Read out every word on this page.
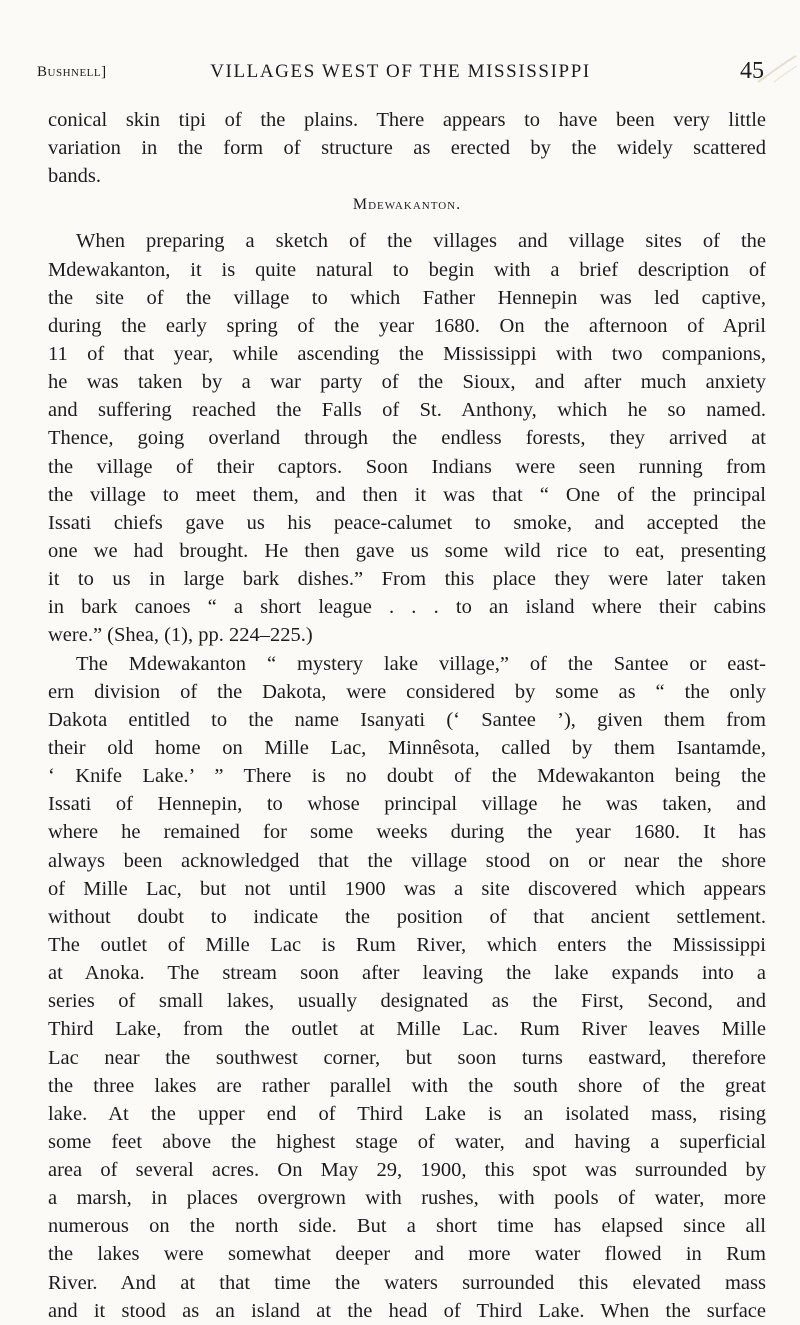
Bushnell]	VILLAGES WEST OF THE MISSISSIPPI	45
conical skin tipi of the plains. There appears to have been very little
variation in the form of structure as erected by the widely scattered
bands.
Mdewakanton.
When preparing a sketch of the villages and village sites of the
Mdewakanton, it is quite natural to begin with a brief description of
the site of the village to which Father Hennepin was led captive,
during the early spring of the year 1680. On the afternoon of April
11 of that year, while ascending the Mississippi with two companions,
he was taken by a war party of the Sioux, and after much anxiety
and suffering reached the Falls of St. Anthony, which he so named.
Thence, going overland through the endless forests, they arrived at
the village of their captors. Soon Indians were seen running from
the village to meet them, and then it was that “ One of the principal
Issati chiefs gave us his peace-calumet to smoke, and accepted the
one we had brought. He then gave us some wild rice to eat, presenting
it to us in large bark dishes.” From this place they were later taken
in bark canoes “ a short league . . . to an island where their cabins
were.” (Shea, (1), pp. 224–225.)
The Mdewakanton “ mystery lake village,” of the Santee or east-
ern division of the Dakota, were considered by some as “ the only
Dakota entitled to the name Isanyati (‘ Santee ’), given them from
their old home on Mille Lac, Minnêsota, called by them Isantamde,
‘ Knife Lake.’ ” There is no doubt of the Mdewakanton being the
Issati of Hennepin, to whose principal village he was taken, and
where he remained for some weeks during the year 1680. It has
always been acknowledged that the village stood on or near the shore
of Mille Lac, but not until 1900 was a site discovered which appears
without doubt to indicate the position of that ancient settlement.
The outlet of Mille Lac is Rum River, which enters the Mississippi
at Anoka. The stream soon after leaving the lake expands into a
series of small lakes, usually designated as the First, Second, and
Third Lake, from the outlet at Mille Lac. Rum River leaves Mille
Lac near the southwest corner, but soon turns eastward, therefore
the three lakes are rather parallel with the south shore of the great
lake. At the upper end of Third Lake is an isolated mass, rising
some feet above the highest stage of water, and having a superficial
area of several acres. On May 29, 1900, this spot was surrounded by
a marsh, in places overgrown with rushes, with pools of water, more
numerous on the north side. But a short time has elapsed since all
the lakes were somewhat deeper and more water flowed in Rum
River. And at that time the waters surrounded this elevated mass
and it stood as an island at the head of Third Lake. When the surface
